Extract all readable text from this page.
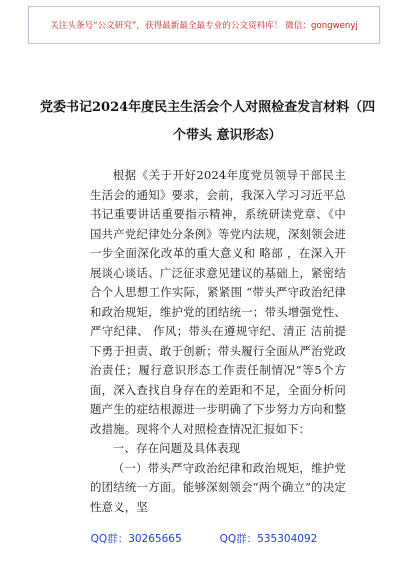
关注头条号“公文研究”，获得最新最全最专业的公文资料库！ 微信：gongwenyj
党委书记2024年度民主生活会个人对照检查发言材料（四
个带头 意识形态）

根据《关于开好2024年度党员领导干部民主生活会的通知》要求，会前，我深入学习习近平总书记重要讲话重要指示精神，系统研读党章、《中国共产党纪律处分条例》等党内法规，深刻领会进一步全面深化改革的重大意义和 略部 ，在深入开展谈心谈话、广泛征求意见建议的基础上，紧密结合个人思想工作实际，紧紧围 “带头严守政治纪律和政治规矩，维护党的团结统一；带头增强党性、严守纪律、 作风；带头在遵规守纪、清正 洁前提下勇于担责、敢于创新；带头履行全面从严治党政治责任；履行意识形态工作责任制情况”等5个方面，深入查找自身存在的差距和不足，全面分析问题产生的症结根源进一步明确了下步努力方向和整改措施。现将个人对照检查情况汇报如下：

一、存在问题及具体表现

（一）带头严守政治纪律和政治规矩，维护党的团结统一方面。能够深刻领会“两个确立”的决定性意义，坚

QQ群：30265665	QQ群：535304092
